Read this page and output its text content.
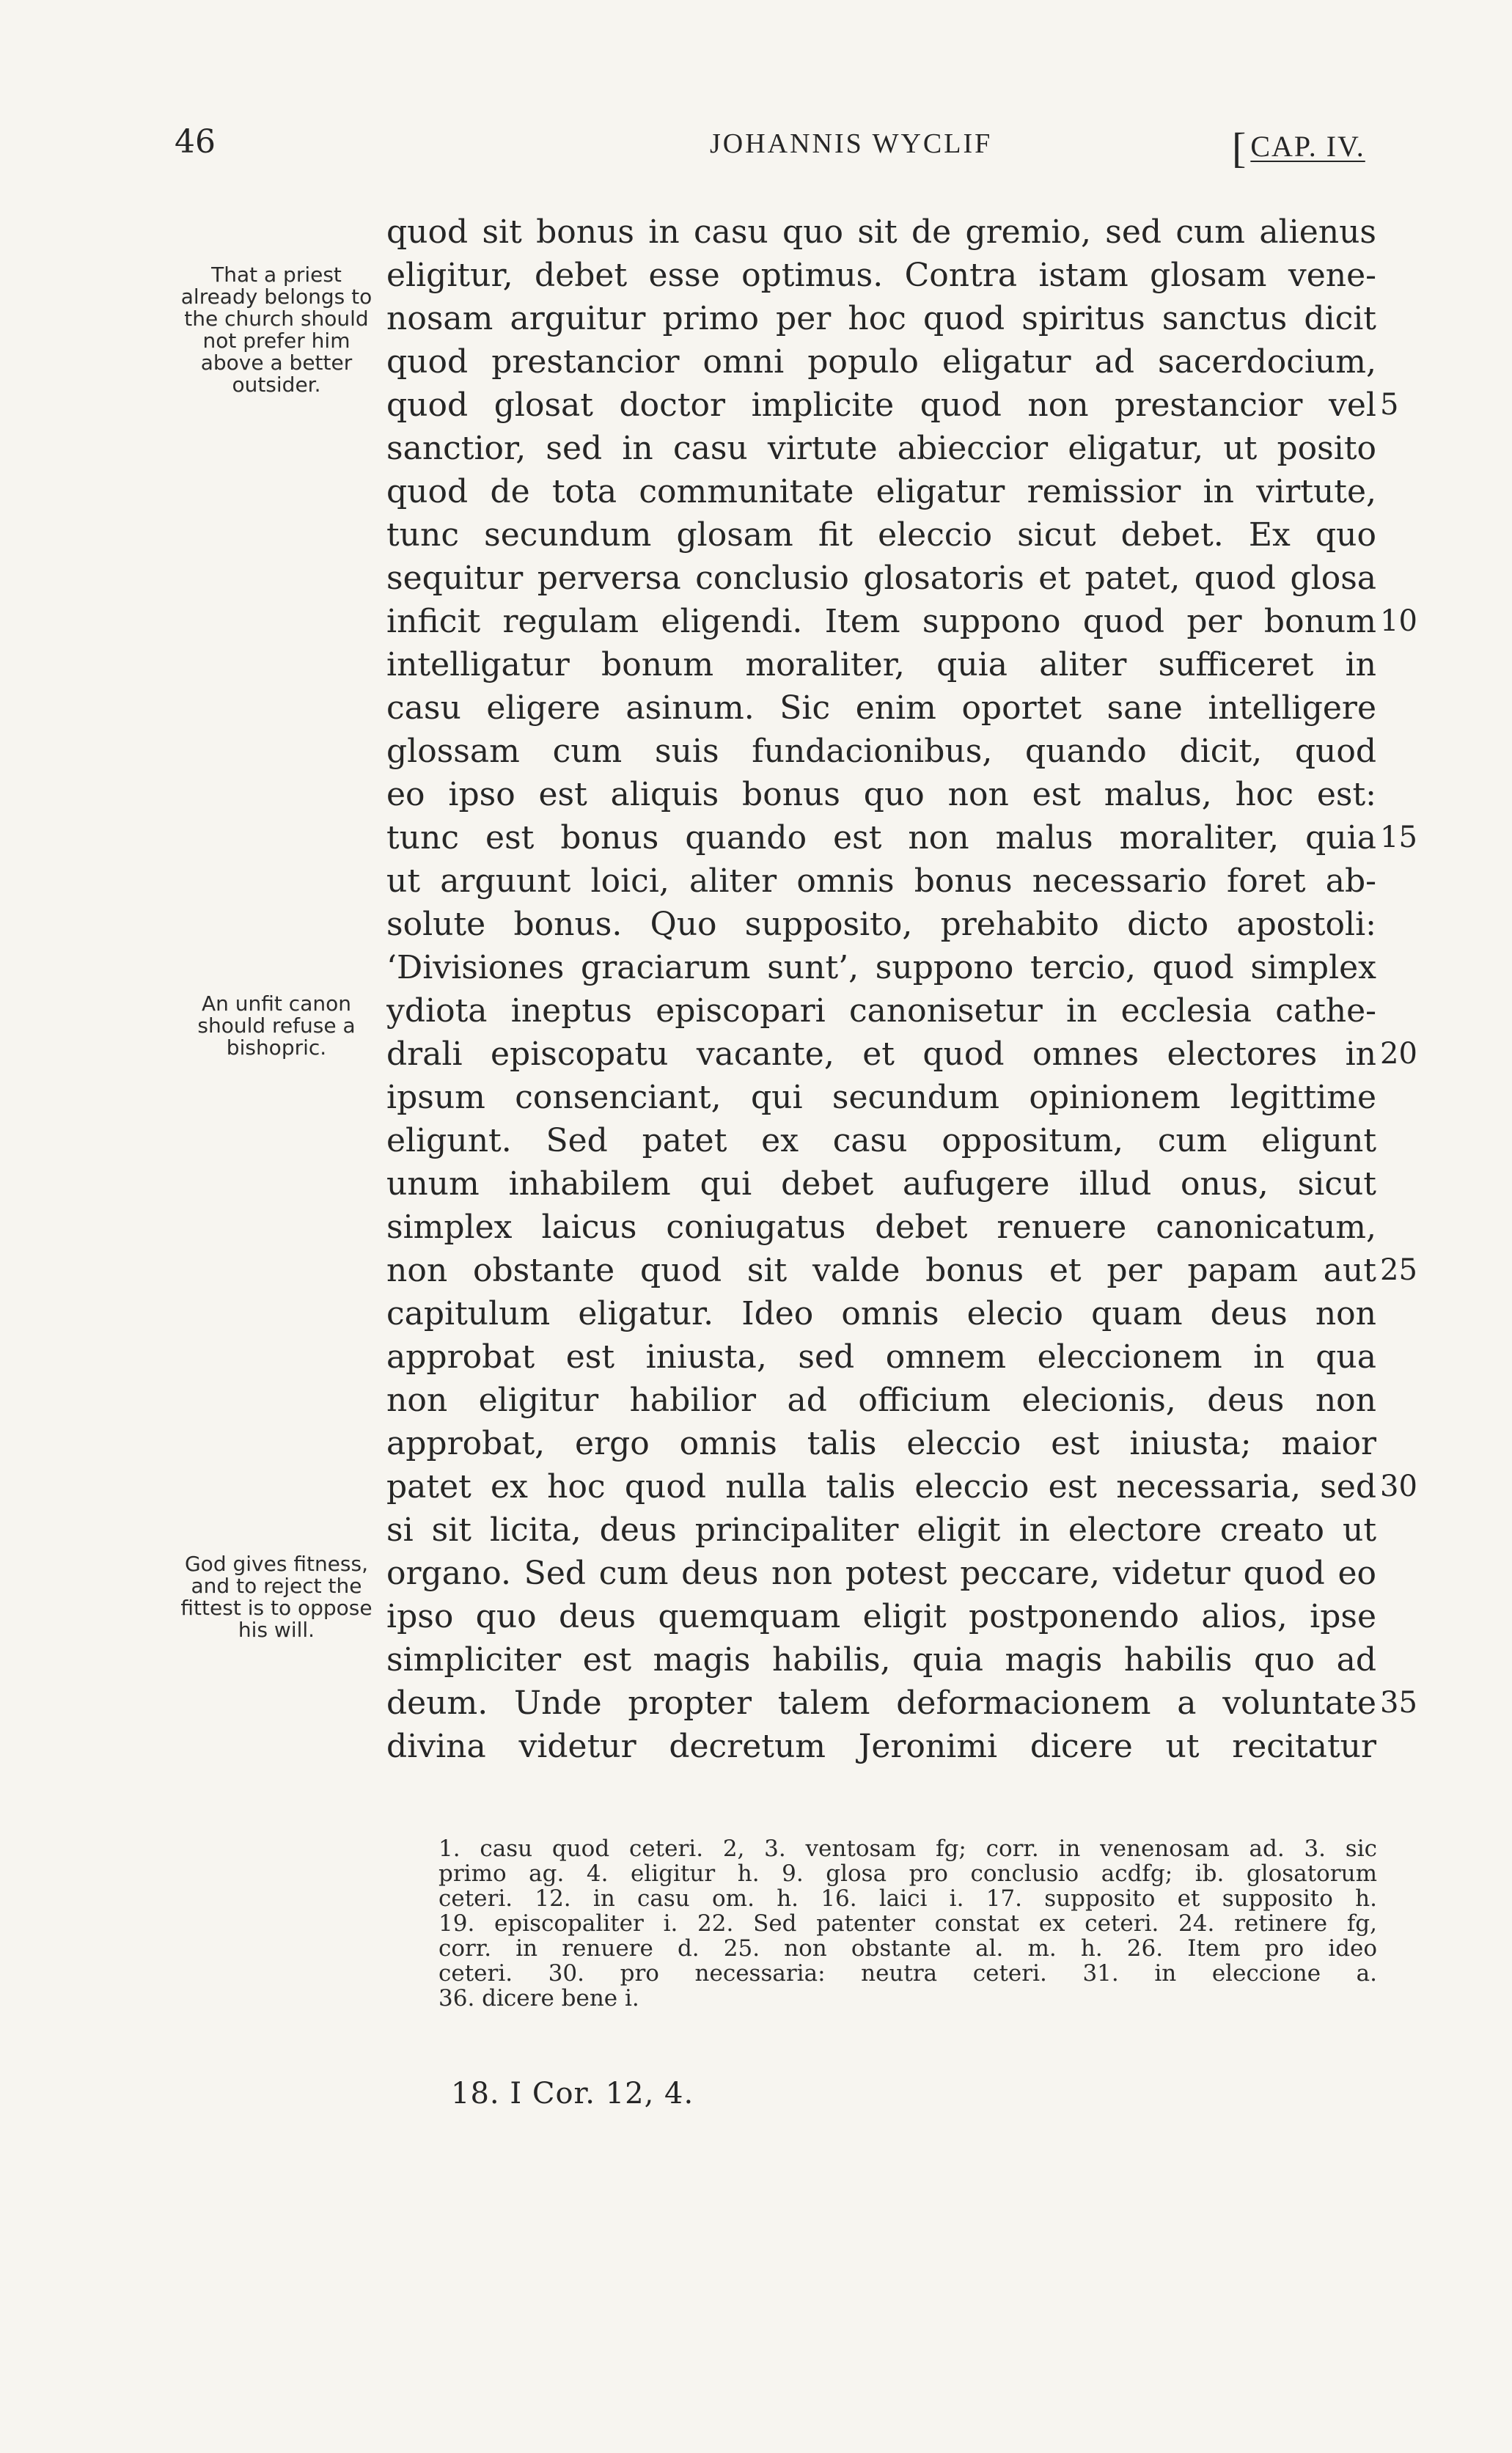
46	JOHANNIS WYCLIF	[ CAP. IV.
That a priest already belongs to the church should not prefer him above a better outsider.
An unfit canon should refuse a bishopric.
God gives fitness, and to reject the fittest is to oppose his will.
quod sit bonus in casu quo sit de gremio, sed cum alienus
eligitur, debet esse optimus. Contra istam glosam vene-
nosam arguitur primo per hoc quod spiritus sanctus dicit
quod prestancior omni populo eligatur ad sacerdocium,
quod glosat doctor implicite quod non prestancior vel 5
sanctior, sed in casu virtute abieccior eligatur, ut posito
quod de tota communitate eligatur remissior in virtute,
tunc secundum glosam fit eleccio sicut debet. Ex quo
sequitur perversa conclusio glosatoris et patet, quod glosa
inficit regulam eligendi. Item suppono quod per bonum 10
intelligatur bonum moraliter, quia aliter sufficeret in
casu eligere asinum. Sic enim oportet sane intelligere
glossam cum suis fundacionibus, quando dicit, quod
eo ipso est aliquis bonus quo non est malus, hoc est:
tunc est bonus quando est non malus moraliter, quia 15
ut arguunt loici, aliter omnis bonus necessario foret ab-
solute bonus. Quo supposito, prehabito dicto apostoli:
‘Divisiones graciarum sunt’, suppono tercio, quod simplex
ydiota ineptus episcopari canonisetur in ecclesia cathe-
drali episcopatu vacante, et quod omnes electores in 20
ipsum consenciant, qui secundum opinionem legittime
eligunt. Sed patet ex casu oppositum, cum eligunt
unum inhabilem qui debet aufugere illud onus, sicut
simplex laicus coniugatus debet renuere canonicatum,
non obstante quod sit valde bonus et per papam aut 25
capitulum eligatur. Ideo omnis elecio quam deus non
approbat est iniusta, sed omnem eleccionem in qua
non eligitur habilior ad officium elecionis, deus non
approbat, ergo omnis talis eleccio est iniusta; maior
patet ex hoc quod nulla talis eleccio est necessaria, sed 30
si sit licita, deus principaliter eligit in electore creato ut
organo. Sed cum deus non potest peccare, videtur quod eo
ipso quo deus quemquam eligit postponendo alios, ipse
simpliciter est magis habilis, quia magis habilis quo ad
deum. Unde propter talem deformacionem a voluntate 35
divina videtur decretum Jeronimi dicere ut recitatur
1. casu quod ceteri. 2, 3. ventosam fg; corr. in venenosam ad. 3. sic
primo ag. 4. eligitur h. 9. glosa pro conclusio acdfg; ib. glosatorum
ceteri. 12. in casu om. h. 16. laici i. 17. supposito et supposito h.
19. episcopaliter i. 22. Sed patenter constat ex ceteri. 24. retinere fg,
corr. in renuere d. 25. non obstante al. m. h. 26. Item pro ideo
ceteri. 30. pro necessaria: neutra ceteri. 31. in eleccione a.
36. dicere bene i.
18. I Cor. 12, 4.
